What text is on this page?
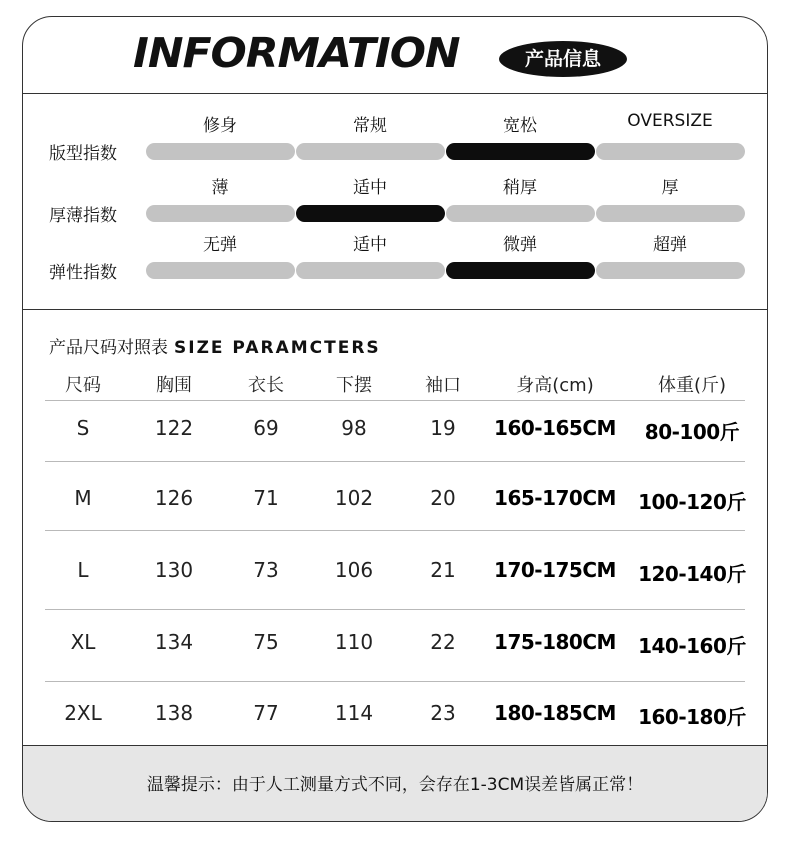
INFORMATION	产品信息
版型指数
修身	常规	宽松	OVERSIZE
厚薄指数
薄	适中	稍厚	厚
弹性指数
无弹	适中	微弹	超弹
产品尺码对照表 SIZE PARAMCTERS
尺码	胸围	衣长	下摆	袖口	身高(cm)	体重(斤)
S	122	69	98	19	160-165CM	80-100斤
M	126	71	102	20	165-170CM	100-120斤
L	130	73	106	21	170-175CM	120-140斤
XL	134	75	110	22	175-180CM	140-160斤
2XL	138	77	114	23	180-185CM	160-180斤
温馨提示：由于人工测量方式不同，会存在1-3CM误差皆属正常！
